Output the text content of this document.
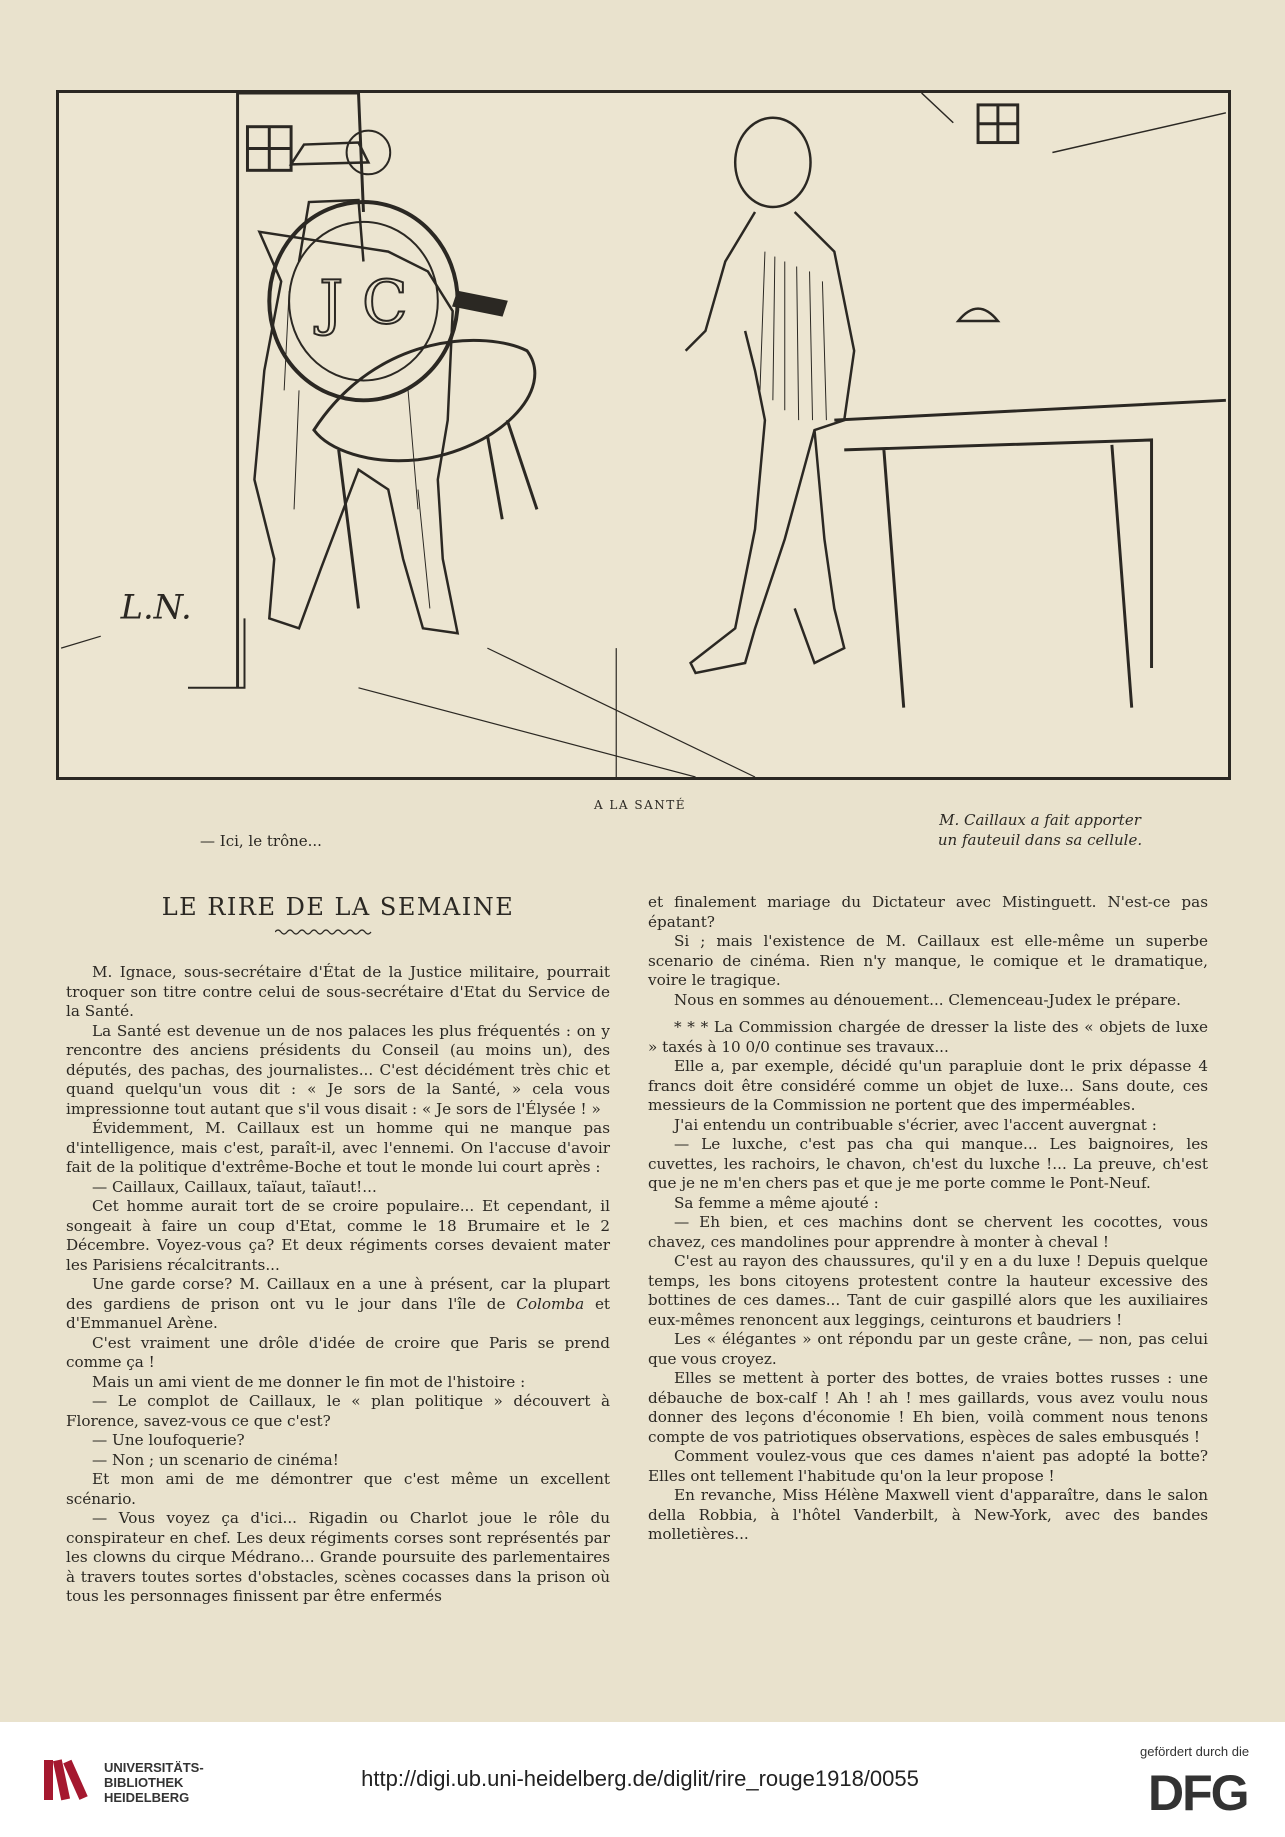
J C
L.N.
A LA SANTÉ
— Ici, le trône...
M. Caillaux a fait apporter
un fauteuil dans sa cellule.
LE RIRE DE LA SEMAINE

M. Ignace, sous-secrétaire d'État de la Justice militaire, pourrait troquer son titre contre celui de sous-secrétaire d'Etat du Service de la Santé.

La Santé est devenue un de nos palaces les plus fréquentés : on y rencontre des anciens présidents du Conseil (au moins un), des députés, des pachas, des journalistes... C'est décidément très chic et quand quelqu'un vous dit : « Je sors de la Santé, » cela vous impressionne tout autant que s'il vous disait : « Je sors de l'Élysée ! »

Évidemment, M. Caillaux est un homme qui ne manque pas d'intelligence, mais c'est, paraît-il, avec l'ennemi. On l'accuse d'avoir fait de la politique d'extrême-Boche et tout le monde lui court après :

— Caillaux, Caillaux, taïaut, taïaut!...

Cet homme aurait tort de se croire populaire... Et cependant, il songeait à faire un coup d'Etat, comme le 18 Brumaire et le 2 Décembre. Voyez-vous ça? Et deux régiments corses devaient mater les Parisiens récalcitrants...

Une garde corse? M. Caillaux en a une à présent, car la plupart des gardiens de prison ont vu le jour dans l'île de Colomba et d'Emmanuel Arène.

C'est vraiment une drôle d'idée de croire que Paris se prend comme ça !

Mais un ami vient de me donner le fin mot de l'histoire :

— Le complot de Caillaux, le « plan politique » découvert à Florence, savez-vous ce que c'est?

— Une loufoquerie?

— Non ; un scenario de cinéma!

Et mon ami de me démontrer que c'est même un excellent scénario.

— Vous voyez ça d'ici... Rigadin ou Charlot joue le rôle du conspirateur en chef. Les deux régiments corses sont représentés par les clowns du cirque Médrano... Grande poursuite des parlementaires à travers toutes sortes d'obstacles, scènes cocasses dans la prison où tous les personnages finissent par être enfermés

et finalement mariage du Dictateur avec Mistinguett. N'est-ce pas épatant?

Si ; mais l'existence de M. Caillaux est elle-même un superbe scenario de cinéma. Rien n'y manque, le comique et le dramatique, voire le tragique.

Nous en sommes au dénouement... Clemenceau-Judex le prépare.

* * * La Commission chargée de dresser la liste des « objets de luxe » taxés à 10 0/0 continue ses travaux...

Elle a, par exemple, décidé qu'un parapluie dont le prix dépasse 4 francs doit être considéré comme un objet de luxe... Sans doute, ces messieurs de la Commission ne portent que des imperméables.

J'ai entendu un contribuable s'écrier, avec l'accent auvergnat :

— Le luxche, c'est pas cha qui manque... Les baignoires, les cuvettes, les rachoirs, le chavon, ch'est du luxche !... La preuve, ch'est que je ne m'en chers pas et que je me porte comme le Pont-Neuf.

Sa femme a même ajouté :

— Eh bien, et ces machins dont se chervent les cocottes, vous chavez, ces mandolines pour apprendre à monter à cheval !

C'est au rayon des chaussures, qu'il y en a du luxe ! Depuis quelque temps, les bons citoyens protestent contre la hauteur excessive des bottines de ces dames... Tant de cuir gaspillé alors que les auxiliaires eux-mêmes renoncent aux leggings, ceinturons et baudriers !

Les « élégantes » ont répondu par un geste crâne, — non, pas celui que vous croyez.

Elles se mettent à porter des bottes, de vraies bottes russes : une débauche de box-calf ! Ah ! ah ! mes gaillards, vous avez voulu nous donner des leçons d'économie ! Eh bien, voilà comment nous tenons compte de vos patriotiques observations, espèces de sales embusqués !

Comment voulez-vous que ces dames n'aient pas adopté la botte? Elles ont tellement l'habitude qu'on la leur propose !

En revanche, Miss Hélène Maxwell vient d'apparaître, dans le salon della Robbia, à l'hôtel Vanderbilt, à New-York, avec des bandes molletières...

UNIVERSITÄTS-
BIBLIOTHEK
HEIDELBERG
http://digi.ub.uni-heidelberg.de/diglit/rire_rouge1918/0055
gefördert durch die
DFG
